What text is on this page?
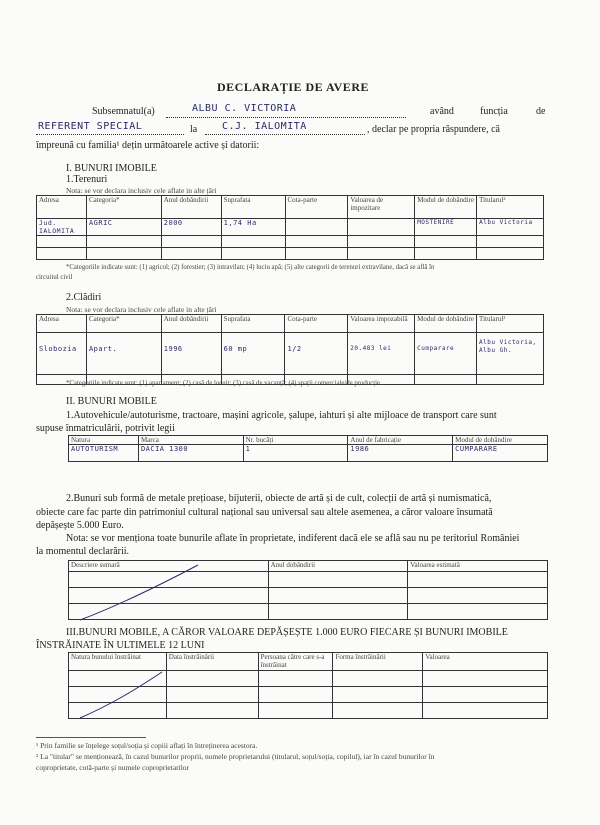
DECLARAȚIE DE AVERE
Subsemnatul(a)	ALBU C. VICTORIA	având	funcția	de
REFERENT SPECIAL	la C.J. IALOMITA	, declar pe propria răspundere, că
împreună cu familia¹ dețin următoarele active și datorii:
I. BUNURI IMOBILE
1.Terenuri
Nota: se vor declara inclusiv cele aflate in alte țări
Adresa	Categoria*	Anul dobândirii	Suprafata	Cota-parte	Valoarea de impozitare	Modul de dobândire	Titularul²
Jud. IALOMITA	AGRIC	2000	1,74 Ha			MOSTENIRE	Albu Victoria

*Categoriile indicate sunt: (1) agricol; (2) forestier; (3) intravilan; (4) luciu apă; (5) alte categorii de terenuri extravilane, dacă se află în
circuitul civil
2.Clădiri
Nota: se vor declara inclusiv cele aflate in alte țări
Adresa	Categoria*	Anul dobândirii	Suprafata	Cota-parte	Valoarea impozabilă	Modul de dobândire	Titularul²
Slobozia	Apart.	1996	60 mp	1/2	20.483 lei	Cumparare	Albu Victoria, Albu Gh.

*Categoriile indicate sunt: (1) apartament; (2) casă de locuit; (3) casă de vacanță; (4) spații comerciale/de producție
II. BUNURI MOBILE
1.Autovehicule/autoturisme, tractoare, mașini agricole, șalupe, iahturi și alte mijloace de transport care sunt
supuse înmatriculării, potrivit legii
Natura	Marca	Nr. bucăți	Anul de fabricație	Modul de dobândire
AUTOTURISM	DACIA 1300	1	1986	CUMPARARE
2.Bunuri sub formă de metale prețioase, bijuterii, obiecte de artă și de cult, colecții de artă și numismatică,
obiecte care fac parte din patrimoniul cultural național sau universal sau altele asemenea, a căror valoare însumată
depășește 5.000 Euro.
Nota: se vor menționa toate bunurile aflate în proprietate, indiferent dacă ele se află sau nu pe teritoriul României
la momentul declarării.
Descriere sumară	Anul dobândirii	Valoarea estimată

III.BUNURI MOBILE, A CĂROR VALOARE DEPĂȘEȘTE 1.000 EURO FIECARE ȘI BUNURI IMOBILE
ÎNSTRĂINATE ÎN ULTIMELE 12 LUNI
Natura bunului înstrăinat	Data înstrăinării	Persoana către care s-a înstrăinat	Forma înstrăinării	Valoarea

¹ Prin familie se înțelege soțul/soția și copiii aflați în întreținerea acestora.
² La "titular" se menționează, în cazul bunurilor proprii, numele proprietarului (titularul, soțul/soția, copilul), iar în cazul bunurilor în
coproprietate, cotă-parte și numele coproprietarilor
